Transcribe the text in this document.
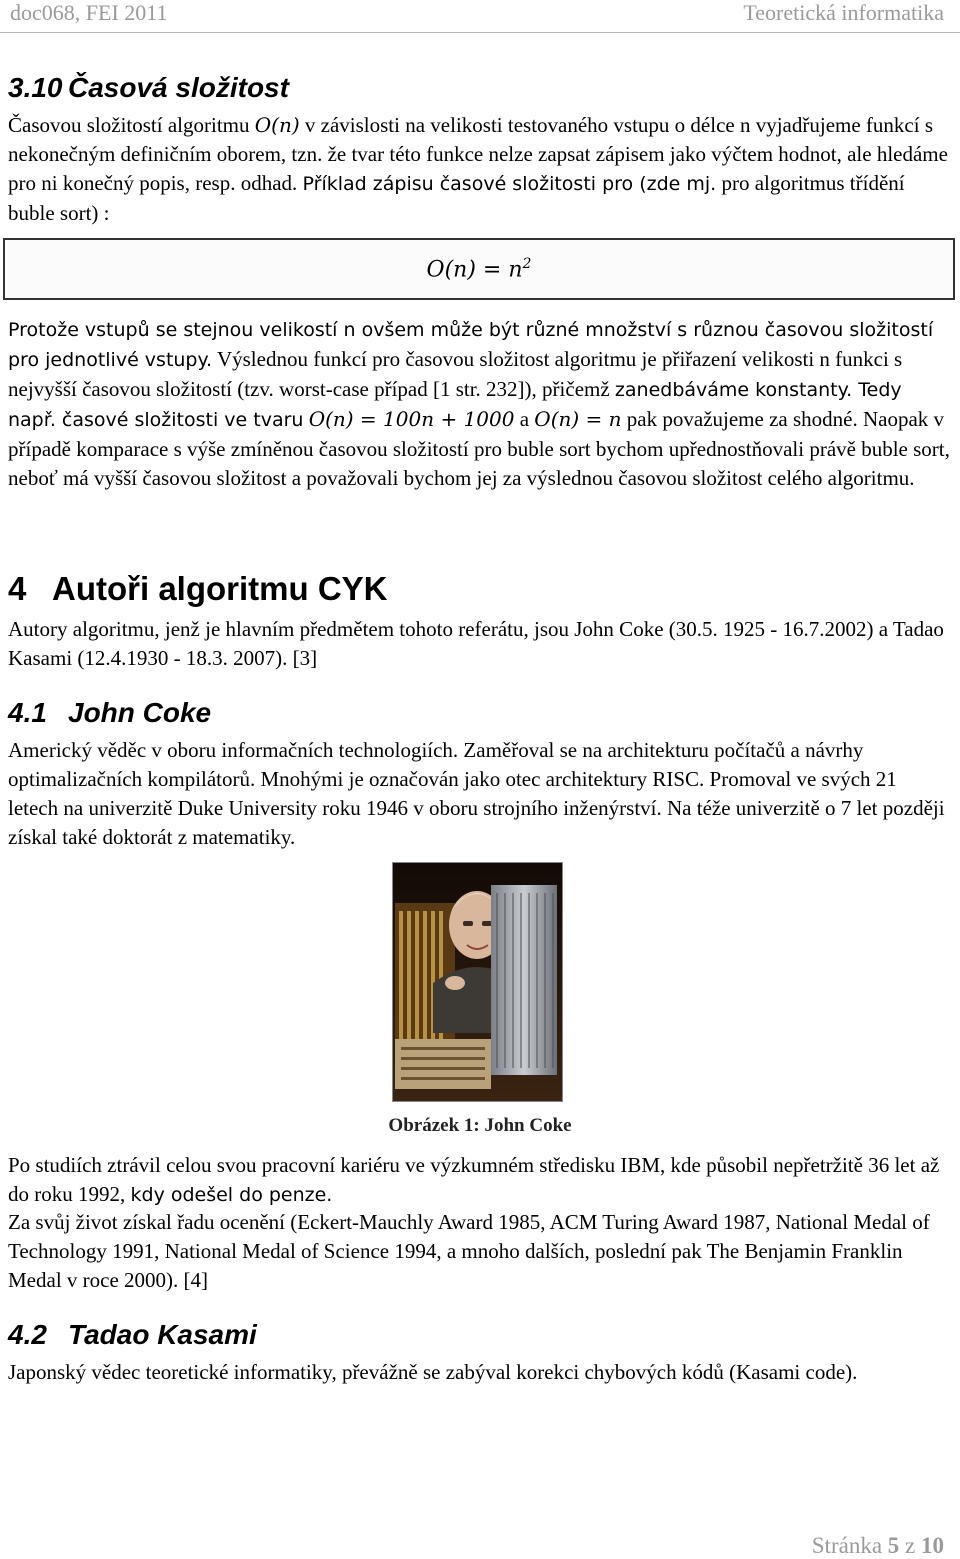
doc068, FEI 2011	Teoretická informatika
3.10 Časová složitost

Časovou složitostí algoritmu O(n) v závislosti na velikosti testovaného vstupu o délce n vyjadřujeme funkcí s nekonečným definičním oborem, tzn. že tvar této funkce nelze zapsat zápisem jako výčtem hodnot, ale hledáme pro ni konečný popis, resp. odhad. Příklad zápisu časové složitosti pro (zde mj. pro algoritmus třídění buble sort) :

$O(n) = n^2$

Protože vstupů se stejnou velikostí n ovšem může být různé množství s různou časovou složitostí pro jednotlivé vstupy. Výslednou funkcí pro časovou složitost algoritmu je přiřazení velikosti n funkci s nejvyšší časovou složitostí (tzv. worst-case případ [1 str. 232]), přičemž zanedbáváme konstanty. Tedy např. časové složitosti ve tvaru O(n) = 100n + 1000 a O(n) = n pak považujeme za shodné. Naopak v případě komparace s výše zmíněnou časovou složitostí pro buble sort bychom upřednostňovali právě buble sort, neboť má vyšší časovou složitost a považovali bychom jej za výslednou časovou složitost celého algoritmu.

4 Autoři algoritmu CYK

Autory algoritmu, jenž je hlavním předmětem tohoto referátu, jsou John Coke (30.5. 1925 - 16.7.2002) a Tadao Kasami (12.4.1930 - 18.3. 2007). [3]

4.1 John Coke

Americký věděc v oboru informačních technologiích. Zaměřoval se na architekturu počítačů a návrhy optimalizačních kompilátorů. Mnohými je označován jako otec architektury RISC. Promoval ve svých 21 letech na univerzitě Duke University roku 1946 v oboru strojního inženýrství. Na téže univerzitě o 7 let později získal také doktorát z matematiky.

Obrázek 1: John Coke

Po studiích ztrávil celou svou pracovní kariéru ve výzkumném středisku IBM, kde působil nepřetržitě 36 let až do roku 1992, kdy odešel do penze.

Za svůj život získal řadu ocenění (Eckert-Mauchly Award 1985, ACM Turing Award 1987, National Medal of Technology 1991, National Medal of Science 1994, a mnoho dalších, poslední pak The Benjamin Franklin Medal v roce 2000). [4]

4.2 Tadao Kasami

Japonský vědec teoretické informatiky, převážně se zabýval korekci chybových kódů (Kasami code).

Stránka 5 z 10
